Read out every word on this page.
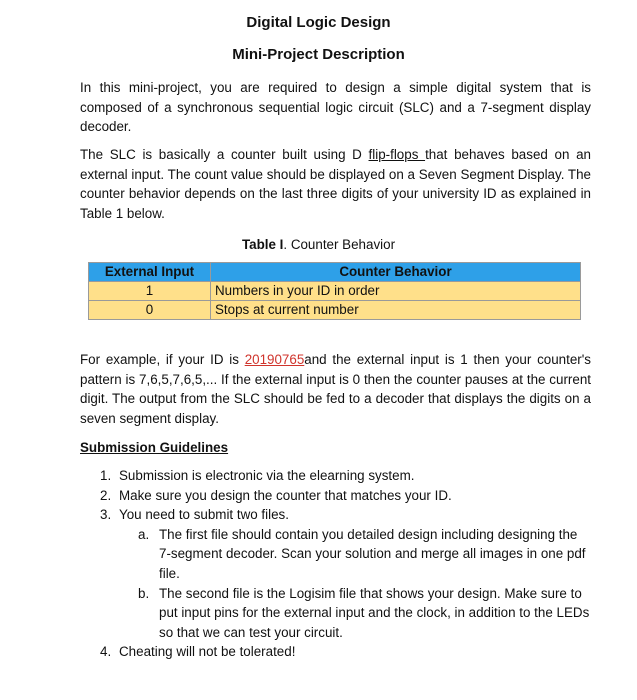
Digital Logic Design
Mini-Project Description
In this mini-project, you are required to design a simple digital system that is composed of a synchronous sequential logic circuit (SLC) and a 7-segment display decoder.
The SLC is basically a counter built using D flip-flops that behaves based on an external input. The count value should be displayed on a Seven Segment Display. The counter behavior depends on the last three digits of your university ID as explained in Table 1 below.
Table I. Counter Behavior
External Input	Counter Behavior
1	Numbers in your ID in order
0	Stops at current number
For example, if your ID is 20190765and the external input is 1 then your counter's pattern is 7,6,5,7,6,5,... If the external input is 0 then the counter pauses at the current digit. The output from the SLC should be fed to a decoder that displays the digits on a seven segment display.
Submission Guidelines
1. Submission is electronic via the elearning system.
2. Make sure you design the counter that matches your ID.
3. You need to submit two files.
a. The first file should contain you detailed design including designing the 7-segment decoder. Scan your solution and merge all images in one pdf file.
b. The second file is the Logisim file that shows your design. Make sure to put input pins for the external input and the clock, in addition to the LEDs so that we can test your circuit.
4. Cheating will not be tolerated!
